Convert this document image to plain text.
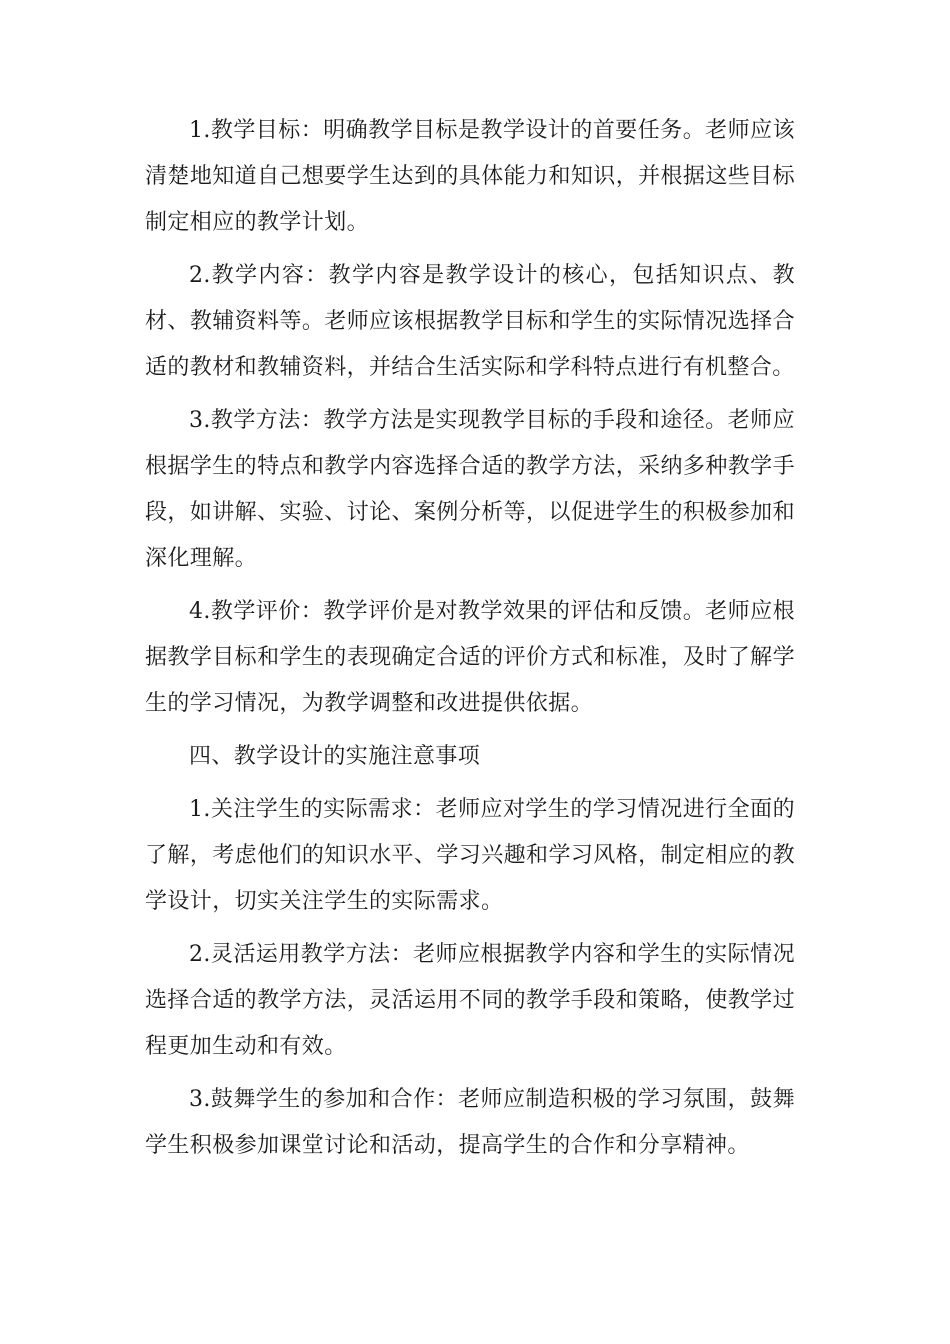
1.教学目标：明确教学目标是教学设计的首要任务。老师应该清楚地知道自己想要学生达到的具体能力和知识，并根据这些目标制定相应的教学计划。

2.教学内容：教学内容是教学设计的核心，包括知识点、教材、教辅资料等。老师应该根据教学目标和学生的实际情况选择合适的教材和教辅资料，并结合生活实际和学科特点进行有机整合。

3.教学方法：教学方法是实现教学目标的手段和途径。老师应根据学生的特点和教学内容选择合适的教学方法，采纳多种教学手段，如讲解、实验、讨论、案例分析等，以促进学生的积极参加和深化理解。

4.教学评价：教学评价是对教学效果的评估和反馈。老师应根据教学目标和学生的表现确定合适的评价方式和标准，及时了解学生的学习情况，为教学调整和改进提供依据。

四、教学设计的实施注意事项

1.关注学生的实际需求：老师应对学生的学习情况进行全面的了解，考虑他们的知识水平、学习兴趣和学习风格，制定相应的教学设计，切实关注学生的实际需求。

2.灵活运用教学方法：老师应根据教学内容和学生的实际情况选择合适的教学方法，灵活运用不同的教学手段和策略，使教学过程更加生动和有效。

3.鼓舞学生的参加和合作：老师应制造积极的学习氛围，鼓舞学生积极参加课堂讨论和活动，提高学生的合作和分享精神。
